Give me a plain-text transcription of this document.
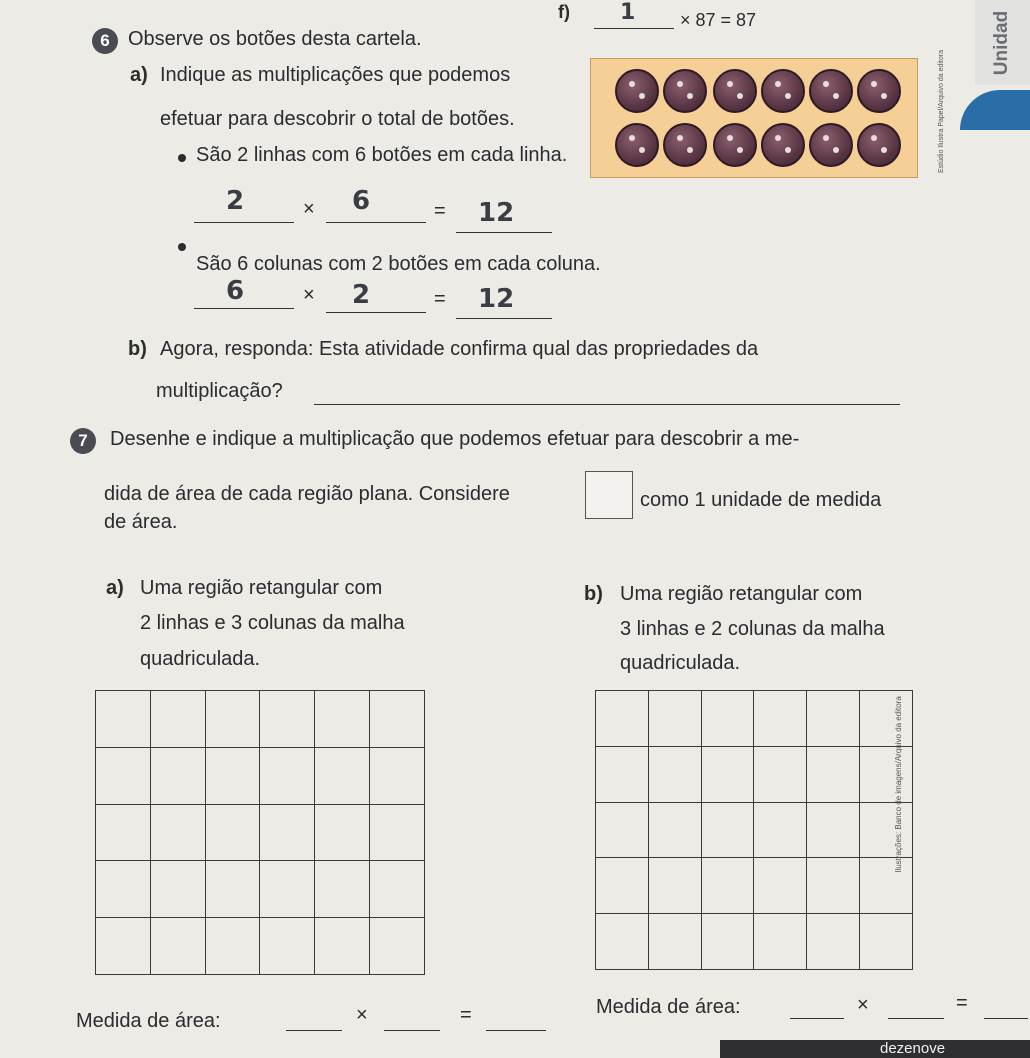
Unidad
f) 1 × 87 = 87
6 Observe os botões desta cartela.
a) Indique as multiplicações que podemos
efetuar para descobrir o total de botões.	Estúdio Ilustra Papel/Arquivo da editora
São 2 linhas com 6 botões em cada linha.
2	× 6	= 12
São 6 colunas com 2 botões em cada coluna.
6	× 2	= 12
b) Agora, responda: Esta atividade confirma qual das propriedades da
multiplicação?
7	Desenhe e indique a multiplicação que podemos efetuar para descobrir a me-
dida de área de cada região plana. Considere	como 1 unidade de medida
de área.
a) Uma região retangular com
2 linhas e 3 colunas da malha
quadriculada.
b) Uma região retangular com
3 linhas e 2 colunas da malha
quadriculada.

Ilustrações: Banco de imagens/Arquivo da editora
Medida de área:	×	=	Medida de área:	×	=
dezenove
